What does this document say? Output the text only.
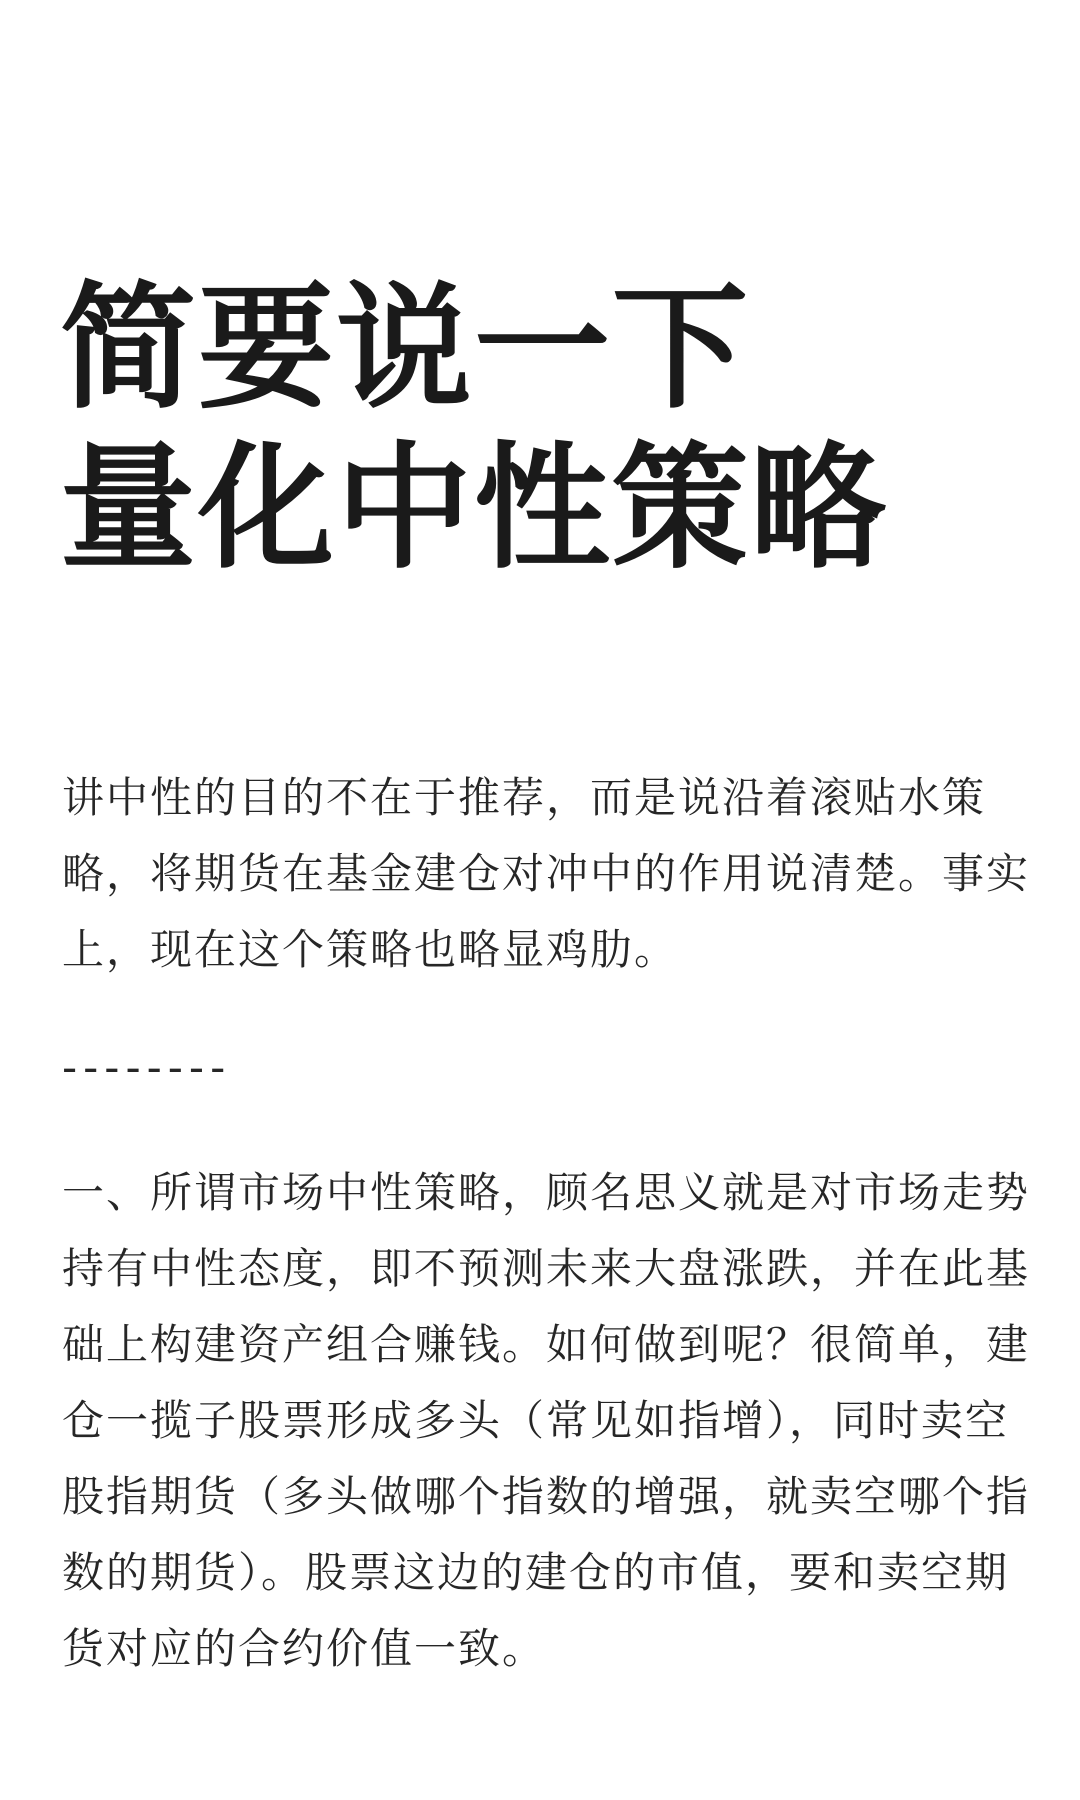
简要说一下
量化中性策略

讲中性的目的不在于推荐，而是说沿着滚贴水策略，将期货在基金建仓对冲中的作用说清楚。事实上，现在这个策略也略显鸡肋。

--------

一、所谓市场中性策略，顾名思义就是对市场走势持有中性态度，即不预测未来大盘涨跌，并在此基础上构建资产组合赚钱。如何做到呢？很简单，建仓一揽子股票形成多头（常见如指增），同时卖空股指期货（多头做哪个指数的增强，就卖空哪个指数的期货）。股票这边的建仓的市值，要和卖空期货对应的合约价值一致。
